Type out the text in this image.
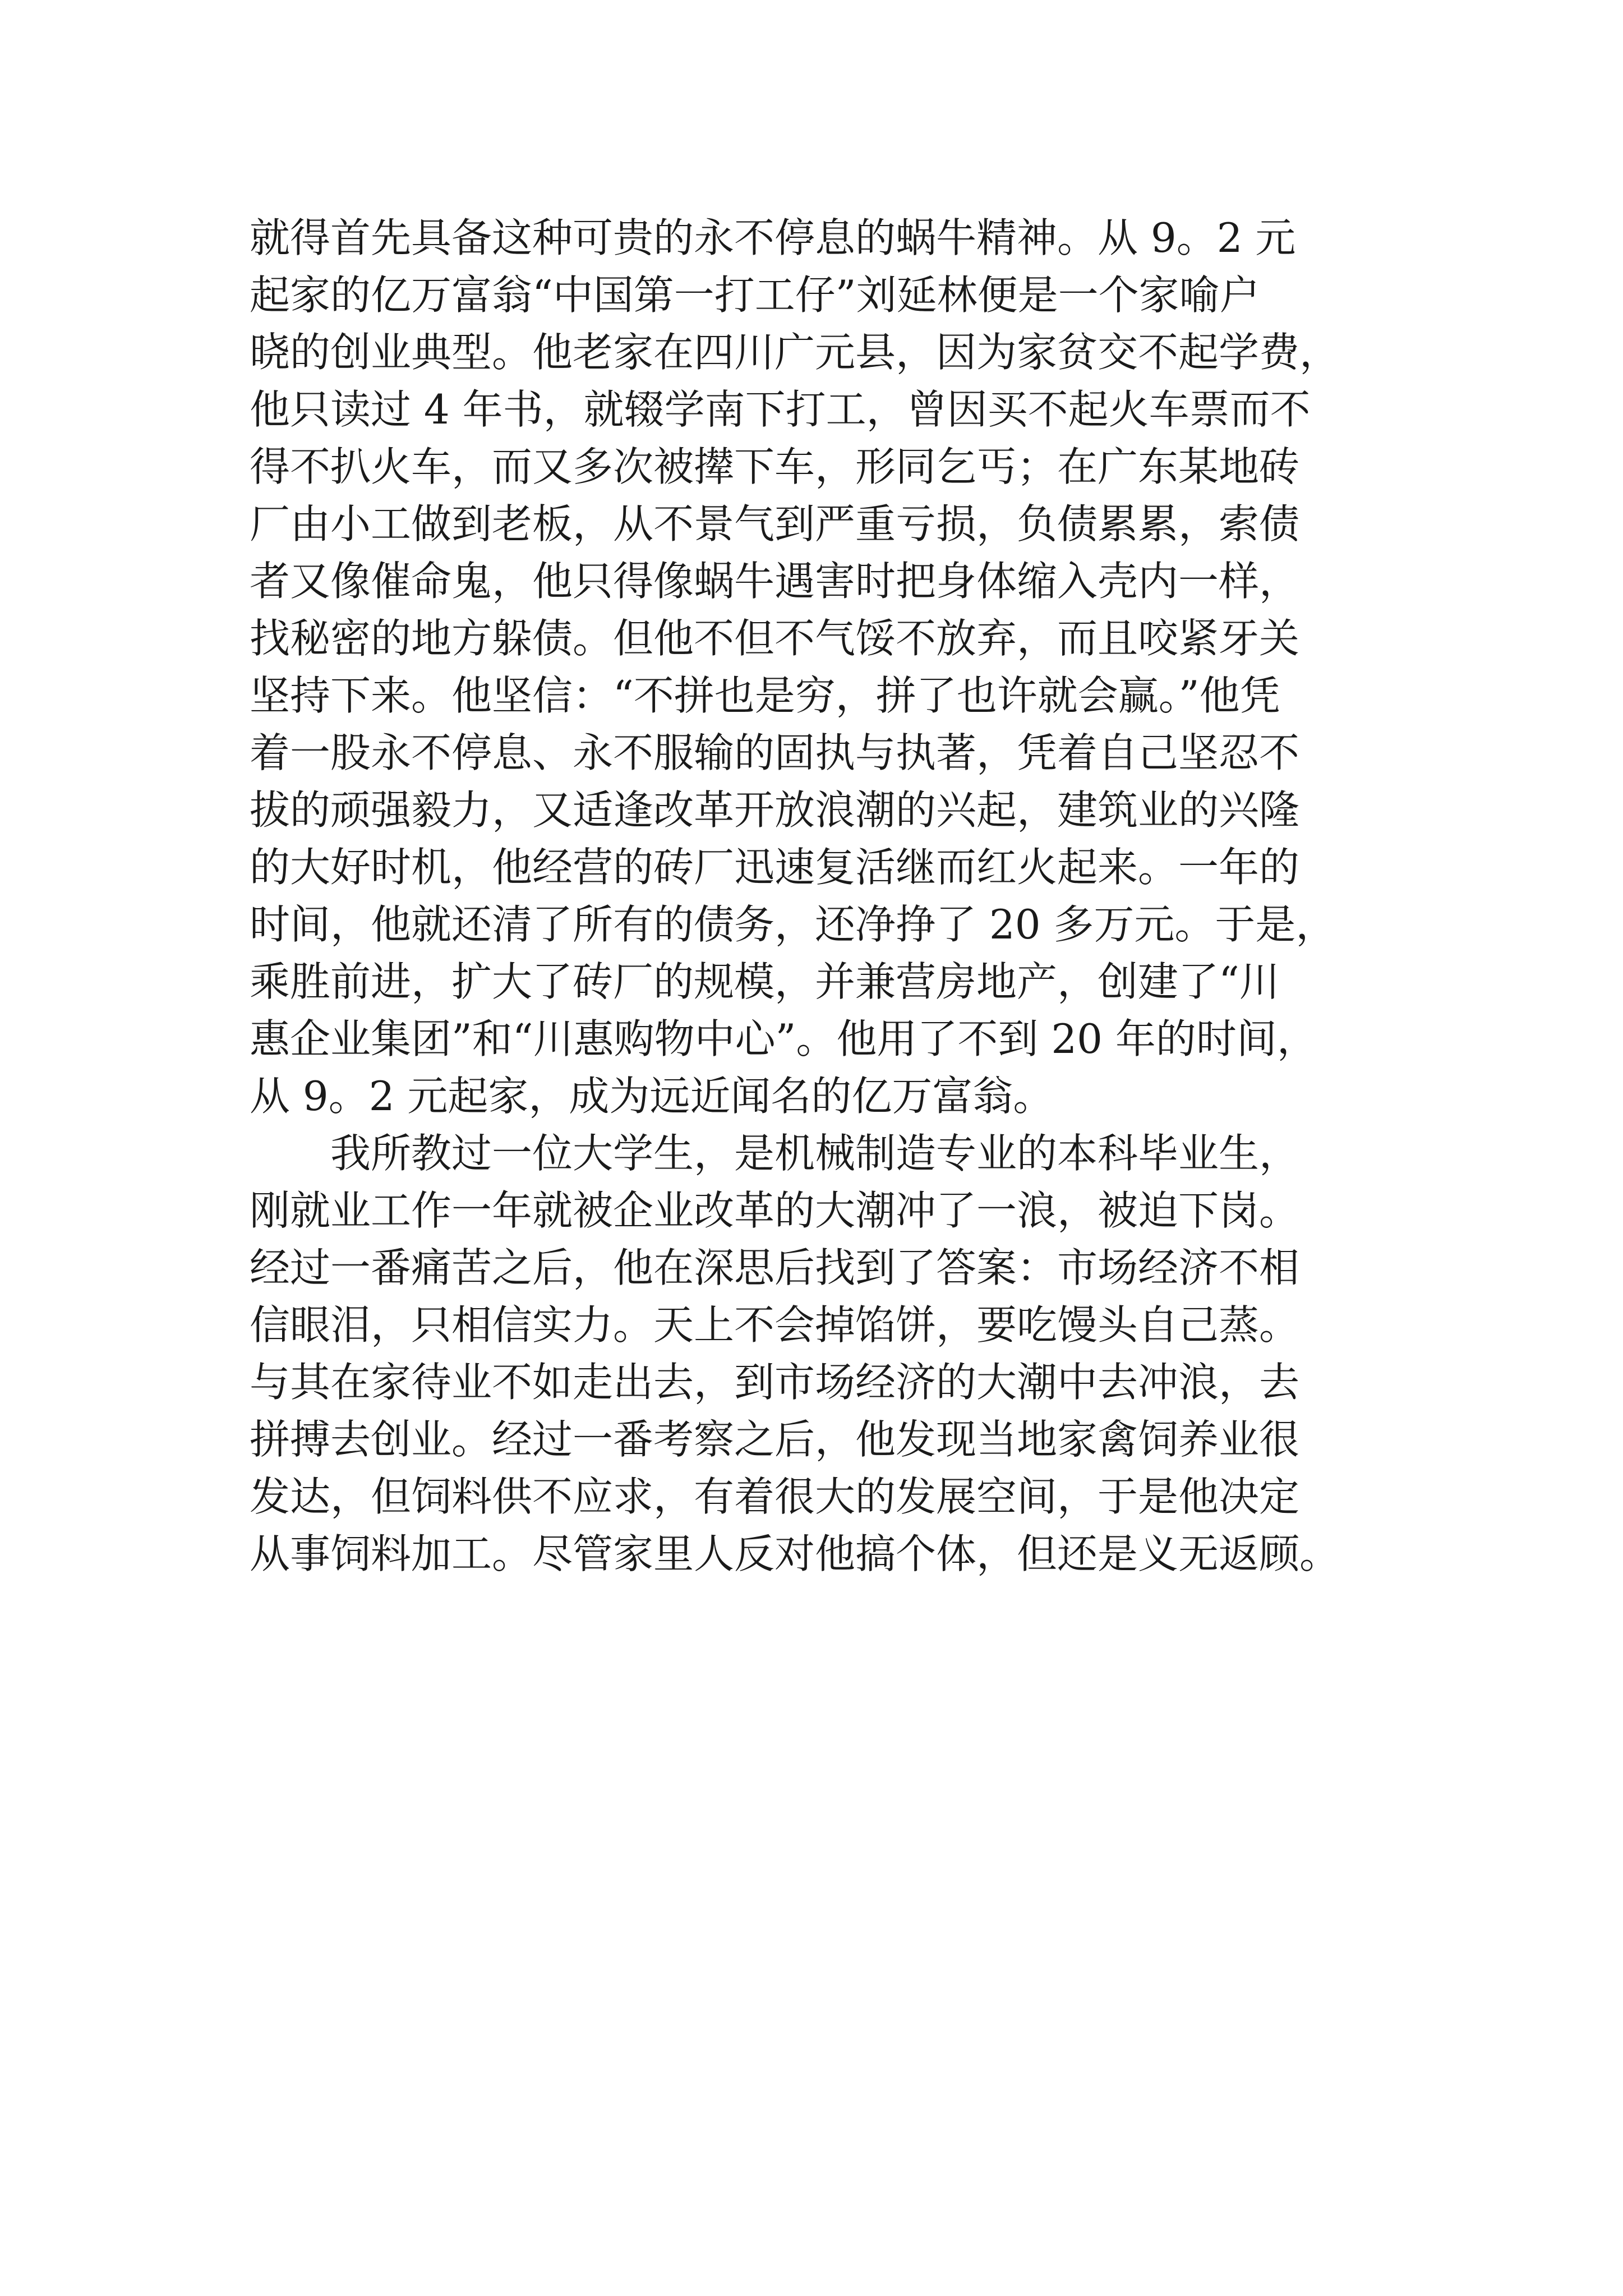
就得首先具备这种可贵的永不停息的蜗牛精神。从 9。2 元
起家的亿万富翁“中国第一打工仔”刘延林便是一个家喻户
晓的创业典型。他老家在四川广元县，因为家贫交不起学费，
他只读过 4 年书，就辍学南下打工，曾因买不起火车票而不
得不扒火车，而又多次被撵下车，形同乞丐；在广东某地砖
厂由小工做到老板，从不景气到严重亏损，负债累累，索债
者又像催命鬼，他只得像蜗牛遇害时把身体缩入壳内一样，
找秘密的地方躲债。但他不但不气馁不放弃，而且咬紧牙关
坚持下来。他坚信：“不拼也是穷，拼了也许就会赢。”他凭
着一股永不停息、永不服输的固执与执著，凭着自己坚忍不
拔的顽强毅力，又适逢改革开放浪潮的兴起，建筑业的兴隆
的大好时机，他经营的砖厂迅速复活继而红火起来。一年的
时间，他就还清了所有的债务，还净挣了 20 多万元。于是，
乘胜前进，扩大了砖厂的规模，并兼营房地产，创建了“川
惠企业集团”和“川惠购物中心”。他用了不到 20 年的时间，
从 9。2 元起家，成为远近闻名的亿万富翁。
　　我所教过一位大学生，是机械制造专业的本科毕业生，
刚就业工作一年就被企业改革的大潮冲了一浪，被迫下岗。
经过一番痛苦之后，他在深思后找到了答案：市场经济不相
信眼泪，只相信实力。天上不会掉馅饼，要吃馒头自己蒸。
与其在家待业不如走出去，到市场经济的大潮中去冲浪，去
拼搏去创业。经过一番考察之后，他发现当地家禽饲养业很
发达，但饲料供不应求，有着很大的发展空间，于是他决定
从事饲料加工。尽管家里人反对他搞个体，但还是义无返顾。
